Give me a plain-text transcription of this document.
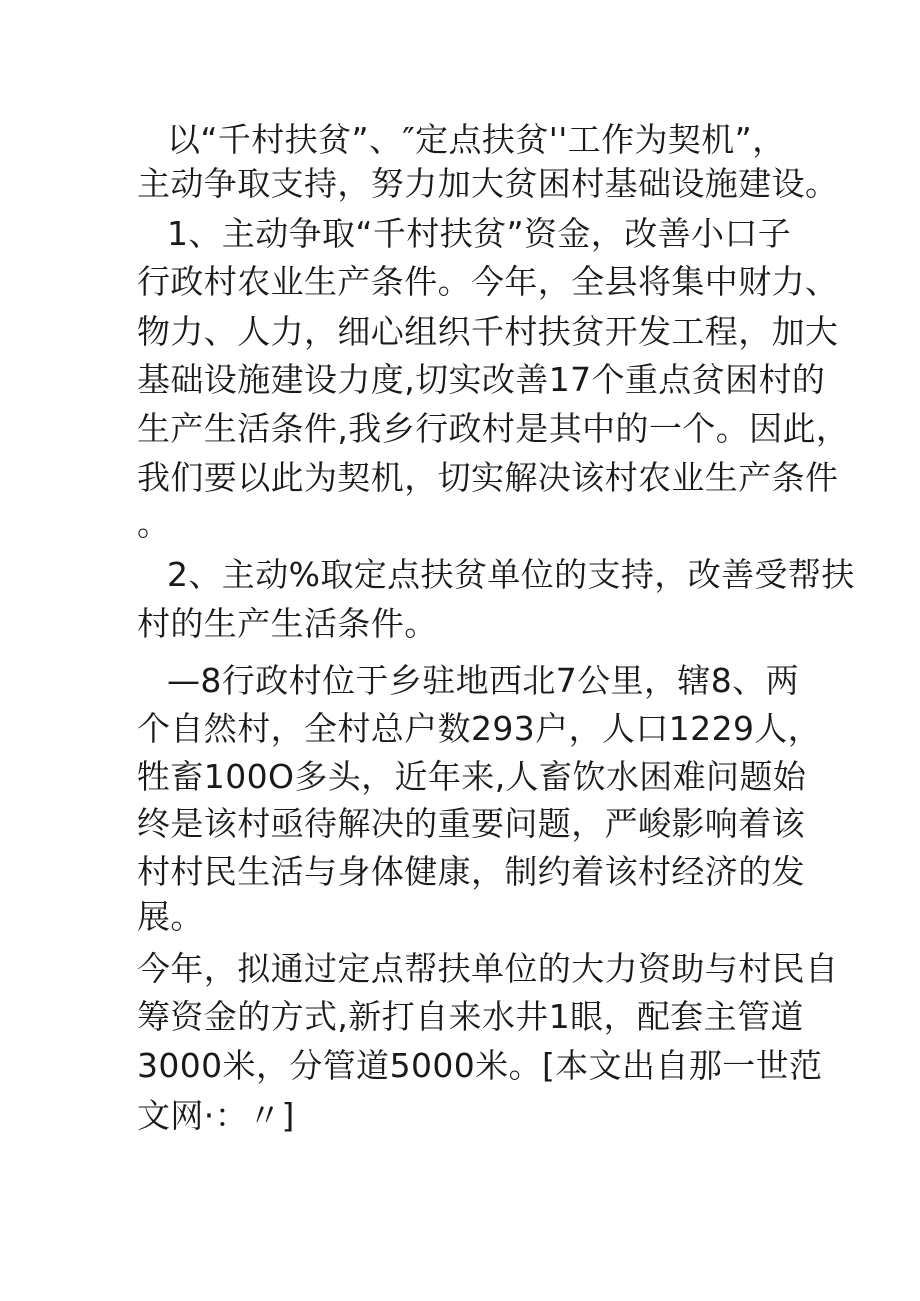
以“千村扶贫”、″定点扶贫''工作为契机”，
主动争取支持，努力加大贫困村基础设施建设。
1、主动争取“千村扶贫”资金，改善小口子
行政村农业生产条件。今年，全县将集中财力、
物力、人力，细心组织千村扶贫开发工程，加大
基础设施建设力度,切实改善17个重点贫困村的
生产生活条件,我乡行政村是其中的一个。因此，
我们要以此为契机，切实解决该村农业生产条件
。
2、主动%取定点扶贫单位的支持，改善受帮扶
村的生产生活条件。
—8行政村位于乡驻地西北7公里，辖8、两
个自然村，全村总户数293户，人口1229人，
牲畜100O多头，近年来,人畜饮水困难问题始
终是该村亟待解决的重要问题，严峻影响着该
村村民生活与身体健康，制约着该村经济的发
展。
今年，拟通过定点帮扶单位的大力资助与村民自
筹资金的方式,新打自来水井1眼，配套主管道
3000米，分管道5000米。[本文出自那一世范
文网·：〃]
